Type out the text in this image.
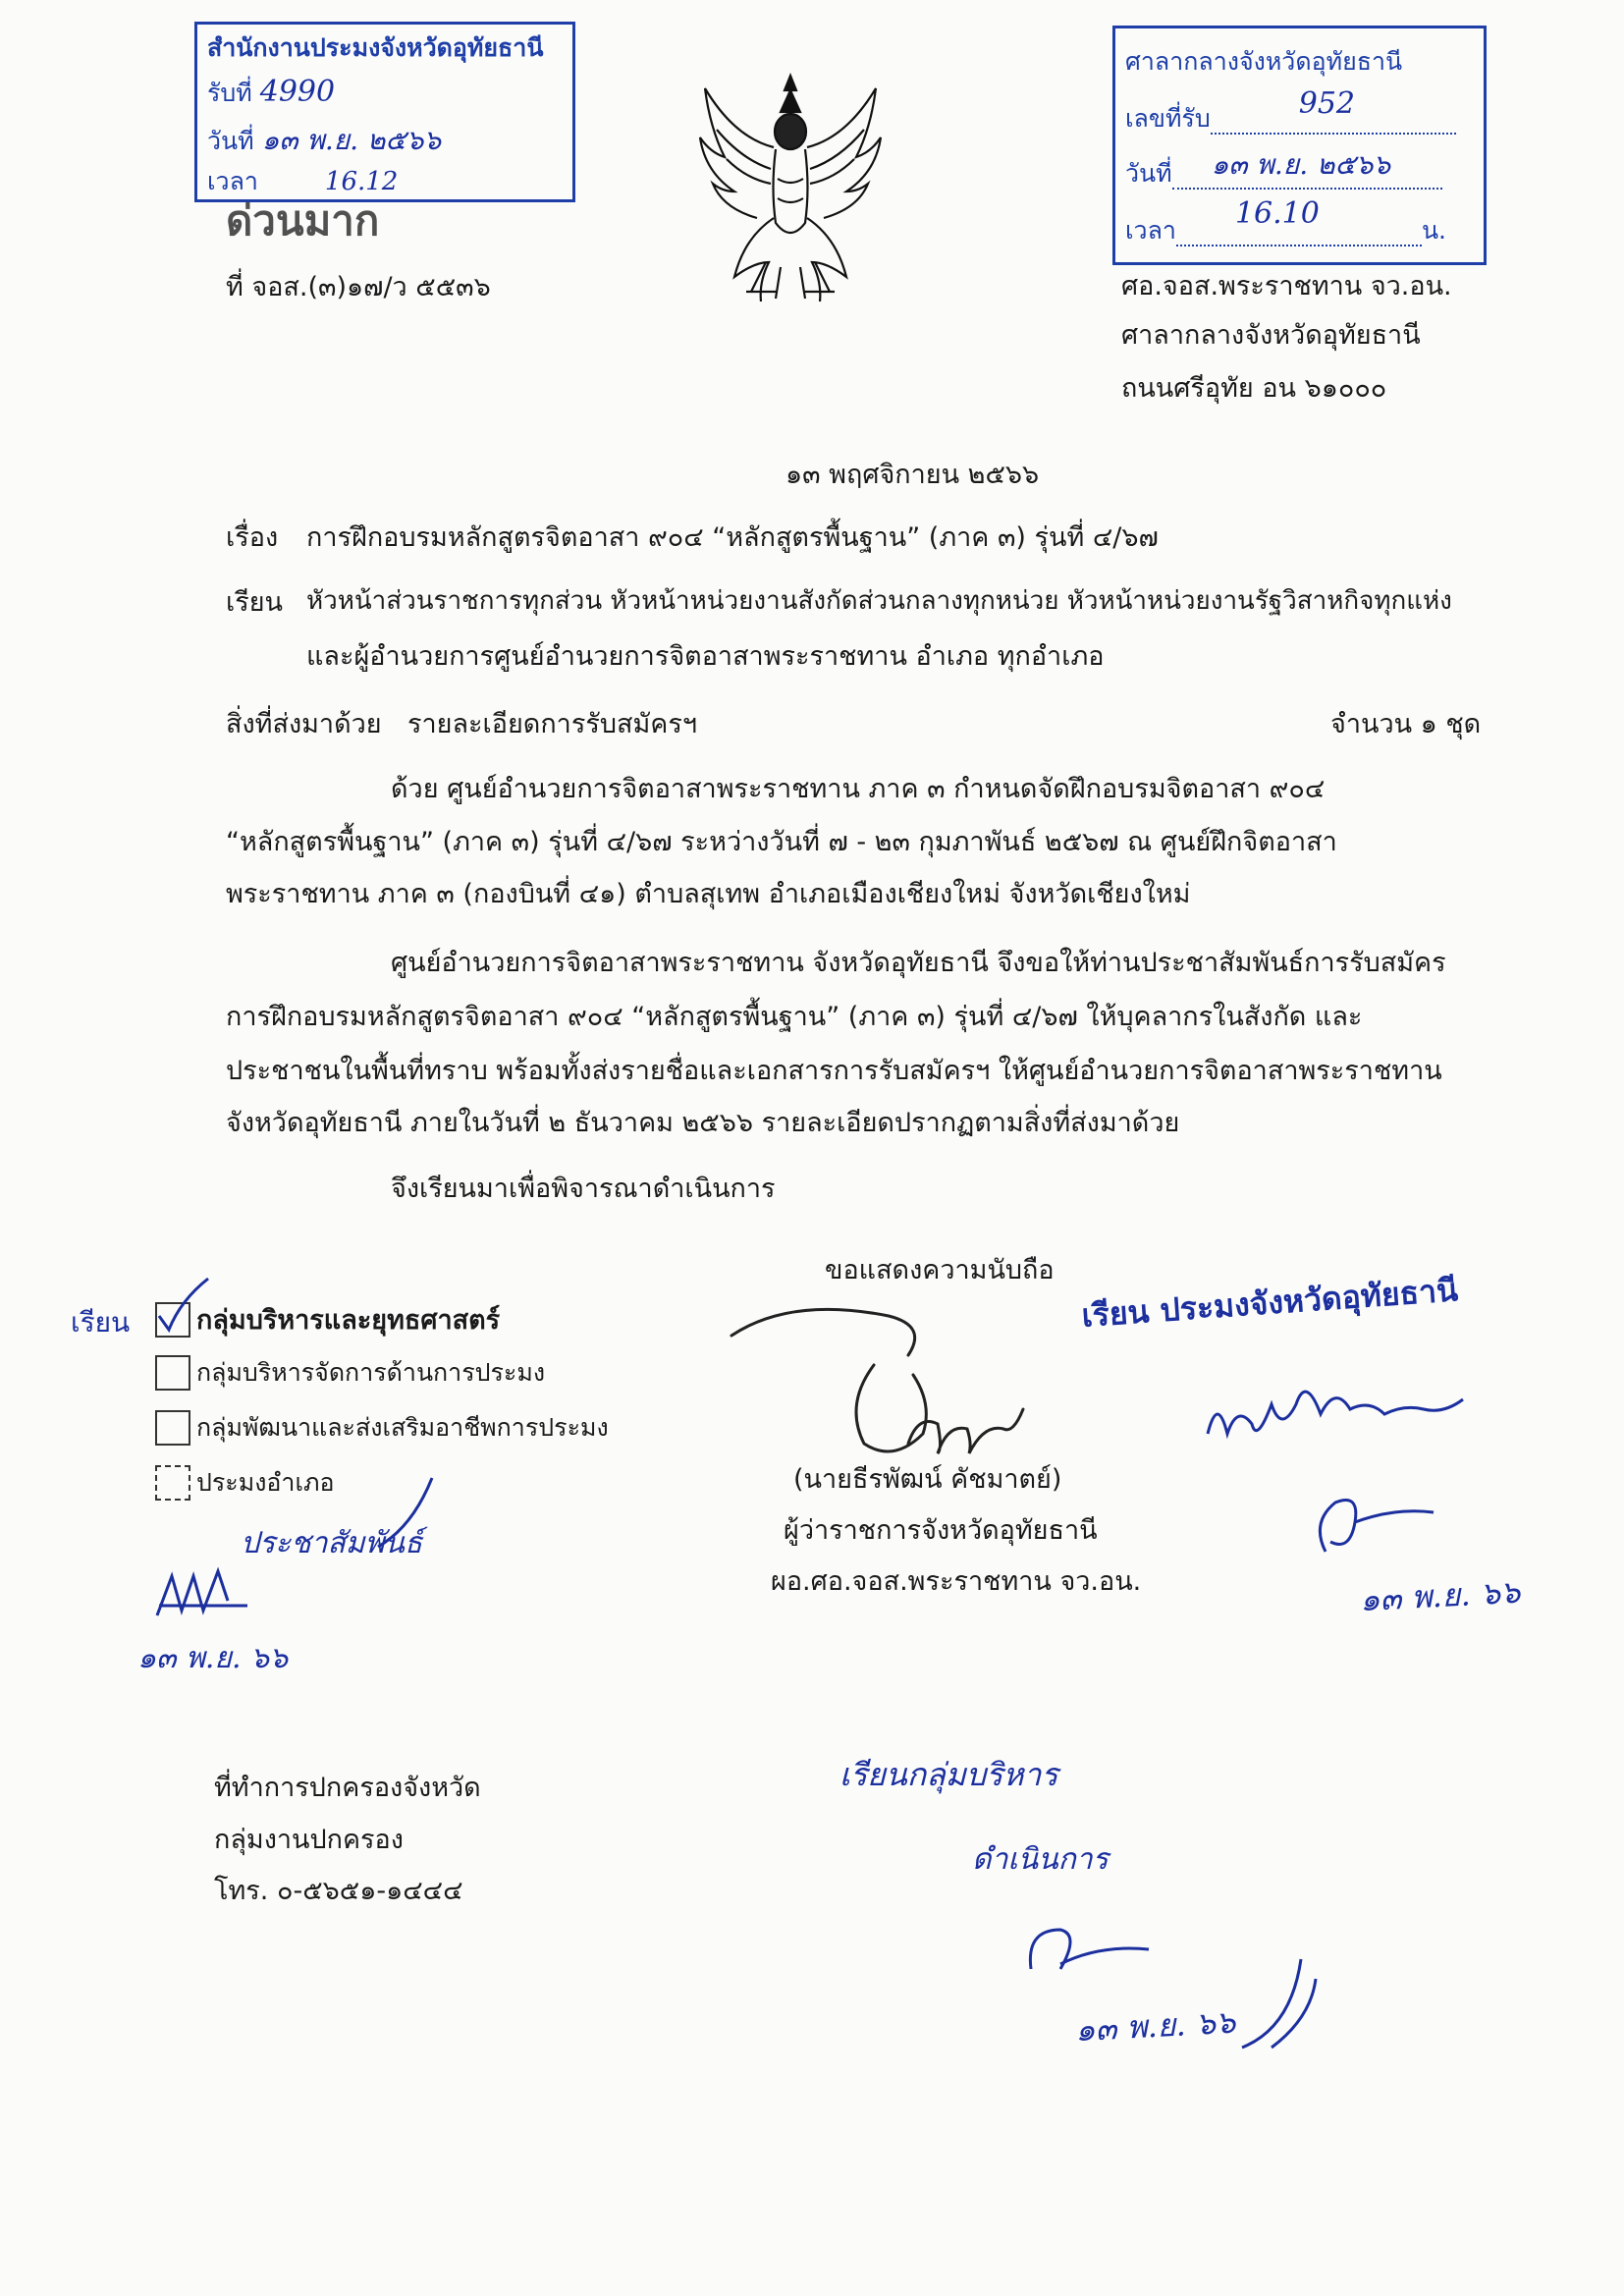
สำนักงานประมงจังหวัดอุทัยธานี
รับที่ 4990
วันที่ ๑๓ พ.ย. ๒๕๖๖
เวลา	16.12
ด่วนมาก
ศาลากลางจังหวัดอุทัยธานี
เลขที่รับ	952

วันที่ ๑๓ พ.ย. ๒๕๖๖

เวลา 16.10	น.
ที่ จอส.(๓)๑๗/ว ๕๕๓๖	ศอ.จอส.พระราชทาน จว.อน.
ศาลากลางจังหวัดอุทัยธานี
ถนนศรีอุทัย อน ๖๑๐๐๐
๑๓ พฤศจิกายน ๒๕๖๖
เรื่อง การฝึกอบรมหลักสูตรจิตอาสา ๙๐๔ “หลักสูตรพื้นฐาน” (ภาค ๓) รุ่นที่ ๔/๖๗
เรียน หัวหน้าส่วนราชการทุกส่วน หัวหน้าหน่วยงานสังกัดส่วนกลางทุกหน่วย หัวหน้าหน่วยงานรัฐวิสาหกิจทุกแห่ง
และผู้อำนวยการศูนย์อำนวยการจิตอาสาพระราชทาน อำเภอ ทุกอำเภอ
สิ่งที่ส่งมาด้วย รายละเอียดการรับสมัครฯ	จำนวน ๑ ชุด
ด้วย ศูนย์อำนวยการจิตอาสาพระราชทาน ภาค ๓ กำหนดจัดฝึกอบรมจิตอาสา ๙๐๔
“หลักสูตรพื้นฐาน” (ภาค ๓) รุ่นที่ ๔/๖๗ ระหว่างวันที่ ๗ - ๒๓ กุมภาพันธ์ ๒๕๖๗ ณ ศูนย์ฝึกจิตอาสา
พระราชทาน ภาค ๓ (กองบินที่ ๔๑) ตำบลสุเทพ อำเภอเมืองเชียงใหม่ จังหวัดเชียงใหม่
ศูนย์อำนวยการจิตอาสาพระราชทาน จังหวัดอุทัยธานี จึงขอให้ท่านประชาสัมพันธ์การรับสมัคร
การฝึกอบรมหลักสูตรจิตอาสา ๙๐๔ “หลักสูตรพื้นฐาน” (ภาค ๓) รุ่นที่ ๔/๖๗ ให้บุคลากรในสังกัด และ
ประชาชนในพื้นที่ทราบ พร้อมทั้งส่งรายชื่อและเอกสารการรับสมัครฯ ให้ศูนย์อำนวยการจิตอาสาพระราชทาน
จังหวัดอุทัยธานี ภายในวันที่ ๒ ธันวาคม ๒๕๖๖ รายละเอียดปรากฏตามสิ่งที่ส่งมาด้วย
จึงเรียนมาเพื่อพิจารณาดำเนินการ
ขอแสดงความนับถือ
(นายธีรพัฒน์ คัชมาตย์)
ผู้ว่าราชการจังหวัดอุทัยธานี
ผอ.ศอ.จอส.พระราชทาน จว.อน.
เรียน	กลุ่มบริหารและยุทธศาสตร์
กลุ่มบริหารจัดการด้านการประมง
กลุ่มพัฒนาและส่งเสริมอาชีพการประมง
ประมงอำเภอ
ประชาสัมพันธ์
๑๓ พ.ย. ๖๖
เรียน ประมงจังหวัดอุทัยธานี
๑๓ พ.ย. ๖๖
เรียนกลุ่มบริหาร
ดำเนินการ
๑๓ พ.ย. ๖๖
ที่ทำการปกครองจังหวัด
กลุ่มงานปกครอง
โทร. ๐-๕๖๕๑-๑๔๔๔
